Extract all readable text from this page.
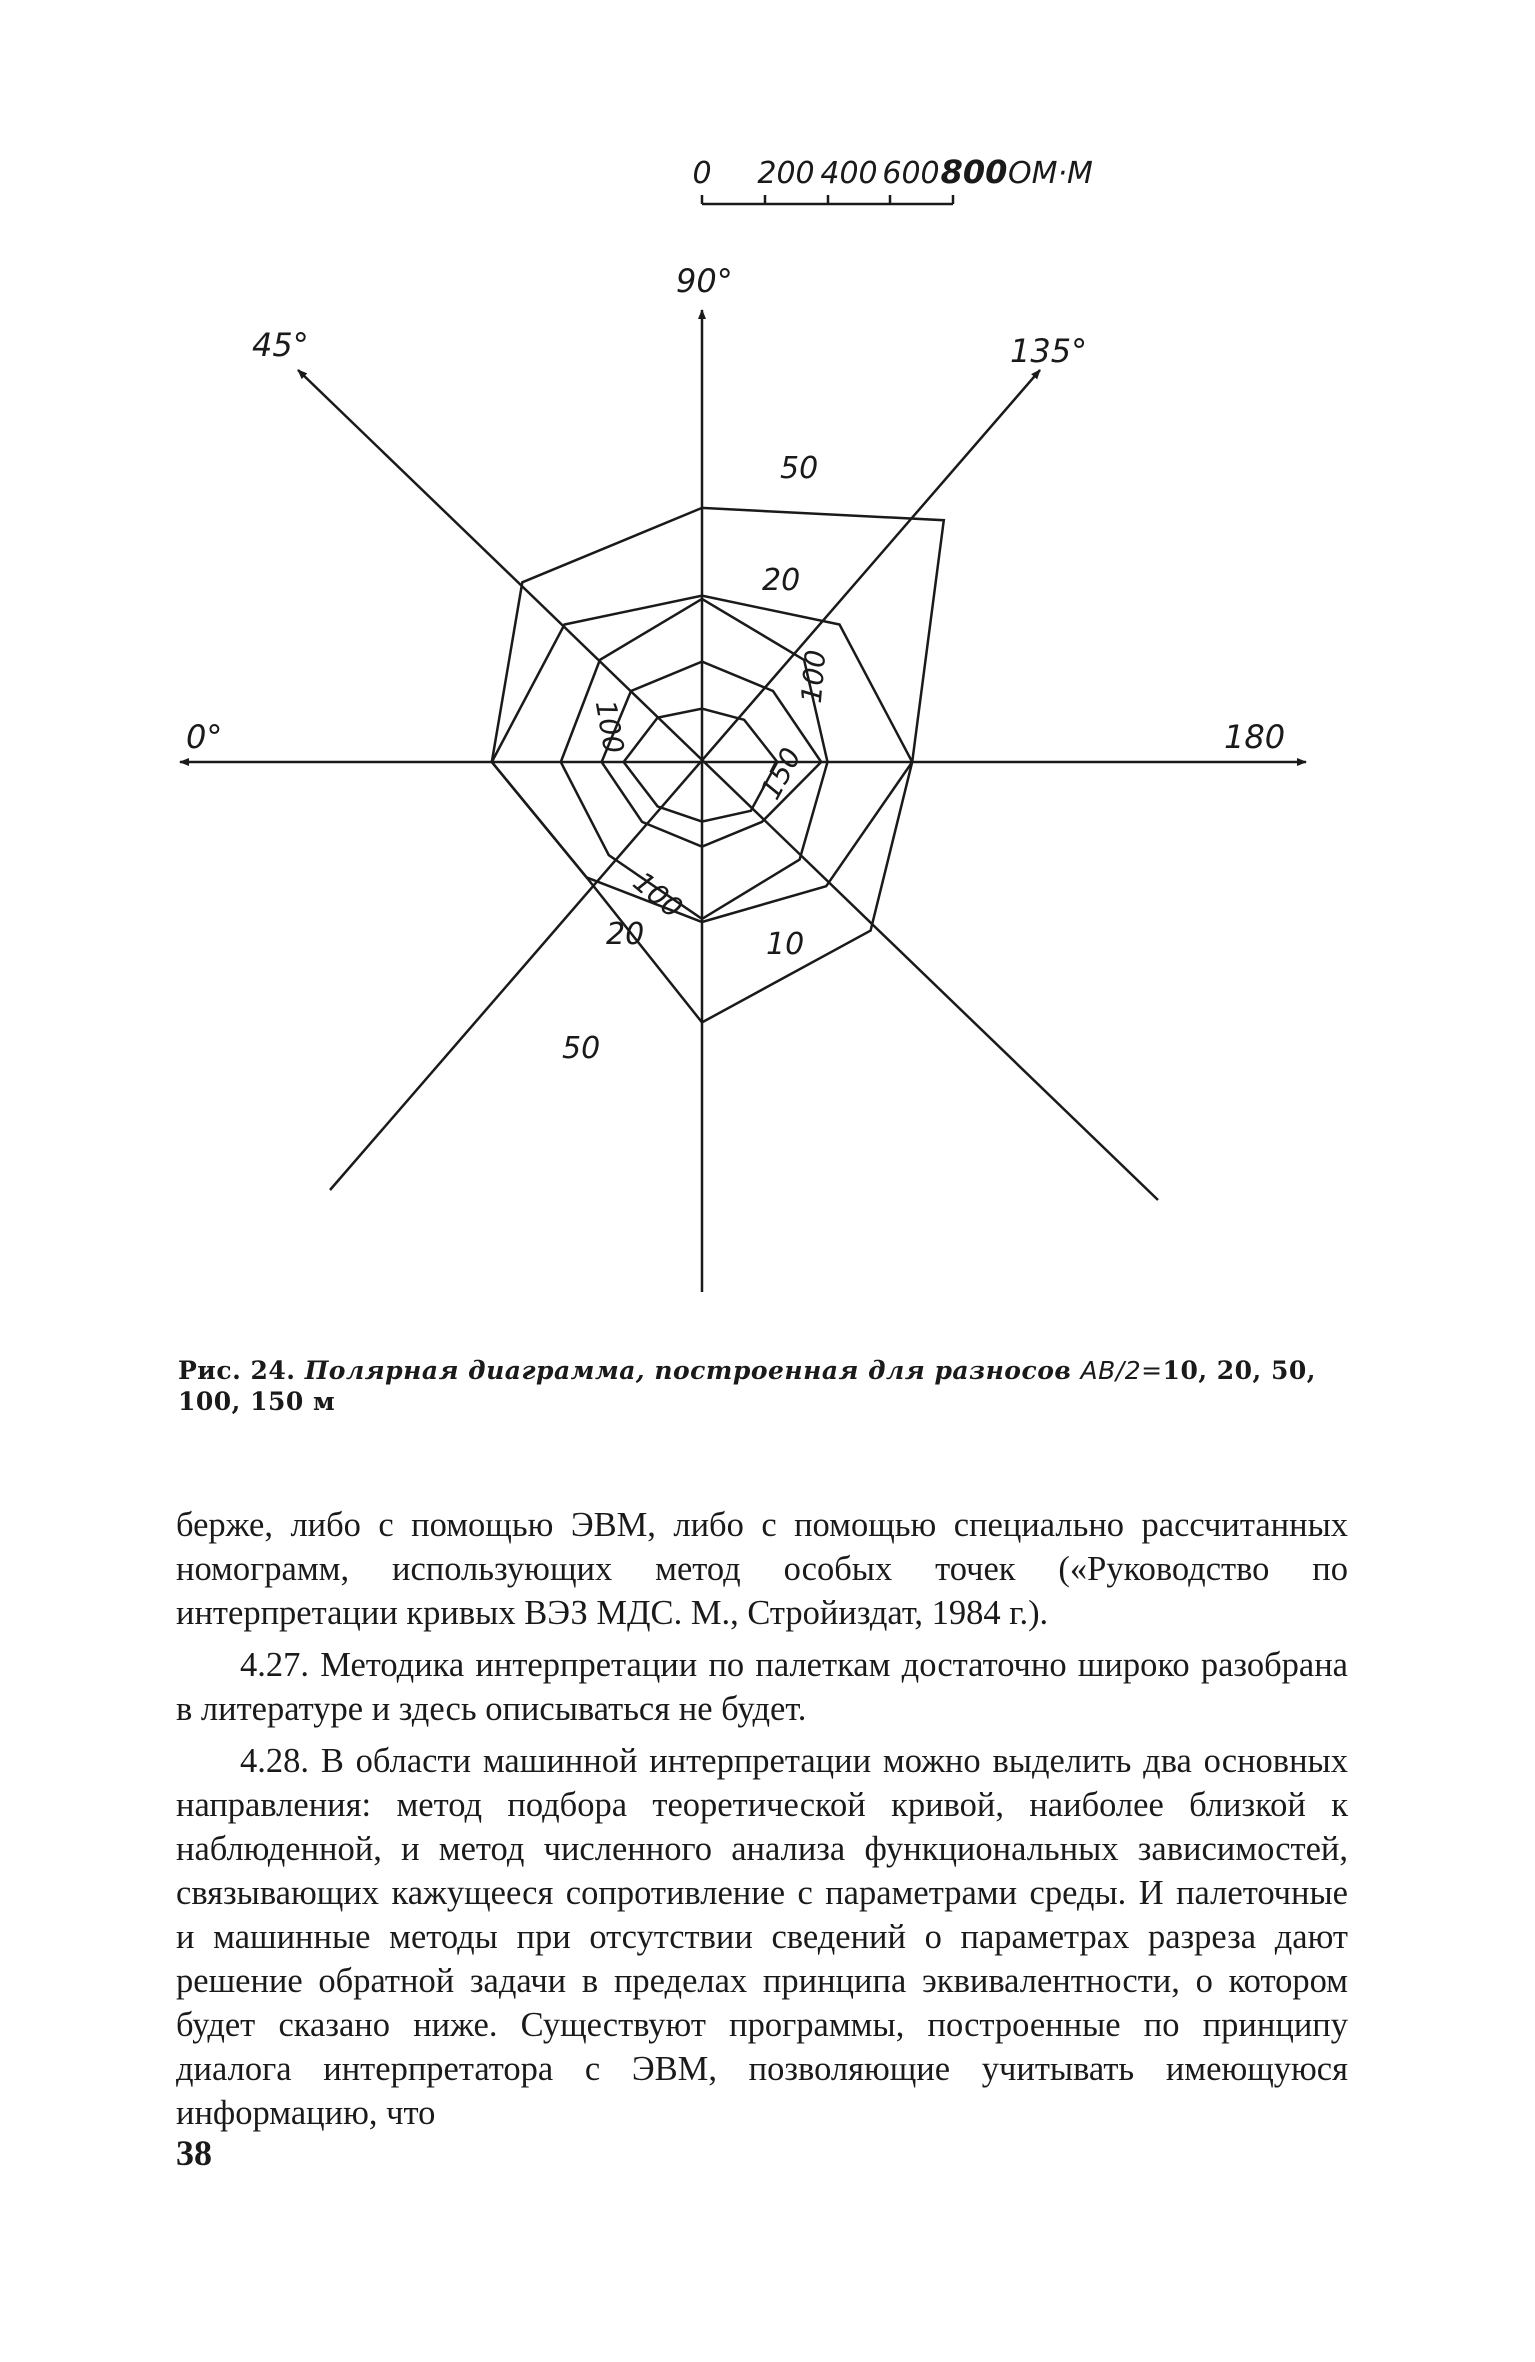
0 200 400 600 800 ОМ·М
90°
45°	135°
0°	180
50
20
100
100
150
100
20	10
50
Рис. 24. Полярная диаграмма, построенная для разносов AB/2=10, 20, 50, 100, 150 м

берже, либо с помощью ЭВМ, либо с помощью специально рассчитанных номограмм, использующих метод особых точек («Руководство по интерпретации кривых ВЭЗ МДС. М., Стройиздат, 1984 г.).

4.27. Методика интерпретации по палеткам достаточно широко разобрана в литературе и здесь описываться не будет.

4.28. В области машинной интерпретации можно выделить два основных направления: метод подбора теоретической кривой, наиболее близкой к наблюденной, и метод численного анализа функциональных зависимостей, связывающих кажущееся сопротивление с параметрами среды. И палеточные и машинные методы при отсутствии сведений о параметрах разреза дают решение обратной задачи в пределах принципа эквивалентности, о котором будет сказано ниже. Существуют программы, построенные по принципу диалога интерпретатора с ЭВМ, позволяющие учитывать имеющуюся информацию, что

38
